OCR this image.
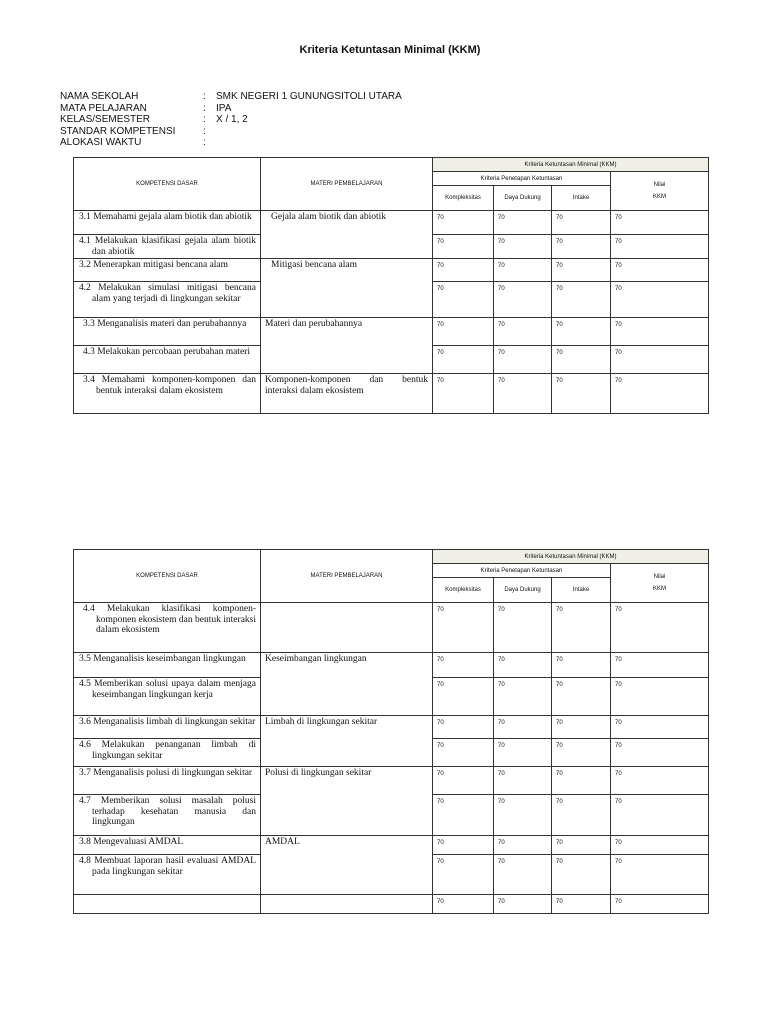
Kriteria Ketuntasan Minimal (KKM)
NAMA SEKOLAH	:	SMK NEGERI 1 GUNUNGSITOLI UTARA
MATA PELAJARAN	:	IPA
KELAS/SEMESTER	:	X / 1, 2
STANDAR KOMPETENSI	:
ALOKASI WAKTU	:
KOMPETENSI DASAR	MATERI PEMBELAJARAN	Kriteria Ketuntasan Minimal (KKM)			
		Kriteria Penetapan Ketuntasan			Nilai

KKM
		Kompleksitas	Daya Dukung	Intake	
3.1 Memahami gejala alam biotik dan abiotik	Gejala alam biotik dan abiotik	70	70	70	70
4.1 Melakukan klasifikasi gejala alam biotik dan abiotik		70	70	70	70
3.2 Menerapkan mitigasi bencana alam	Mitigasi bencana alam	70	70	70	70
4.2 Melakukan simulasi mitigasi bencana alam yang terjadi di lingkungan sekitar		70	70	70	70
3.3 Menganalisis materi dan perubahannya	Materi dan perubahannya	70	70	70	70
4.3 Melakukan percobaan perubahan materi		70	70	70	70
3.4 Memahami komponen-komponen dan bentuk interaksi dalam ekosistem	Komponen-komponen dan bentuk interaksi dalam ekosistem	70	70	70	70
KOMPETENSI DASAR	MATERI PEMBELAJARAN	Kriteria Ketuntasan Minimal (KKM)			
		Kriteria Penetapan Ketuntasan			Nilai

KKM
		Kompleksitas	Daya Dukung	Intake	
4.4 Melakukan klasifikasi komponen-komponen ekosistem dan bentuk interaksi dalam ekosistem		70	70	70	70
3.5 Menganalisis keseimbangan lingkungan	Keseimbangan lingkungan	70	70	70	70
4.5 Memberikan solusi upaya dalam menjaga keseimbangan lingkungan kerja		70	70	70	70
3.6 Menganalisis limbah di lingkungan sekitar	Limbah di lingkungan sekitar	70	70	70	70
4.6 Melakukan penanganan limbah di lingkungan sekitar		70	70	70	70
3.7 Menganalisis polusi di lingkungan sekitar	Polusi di lingkungan sekitar	70	70	70	70
4.7 Memberikan solusi masalah polusi terhadap kesehatan manusia dan lingkungan		70	70	70	70
3.8 Mengevaluasi AMDAL	AMDAL	70	70	70	70
4.8 Membuat laporan hasil evaluasi AMDAL pada lingkungan sekitar		70	70	70	70
		70	70	70	70
